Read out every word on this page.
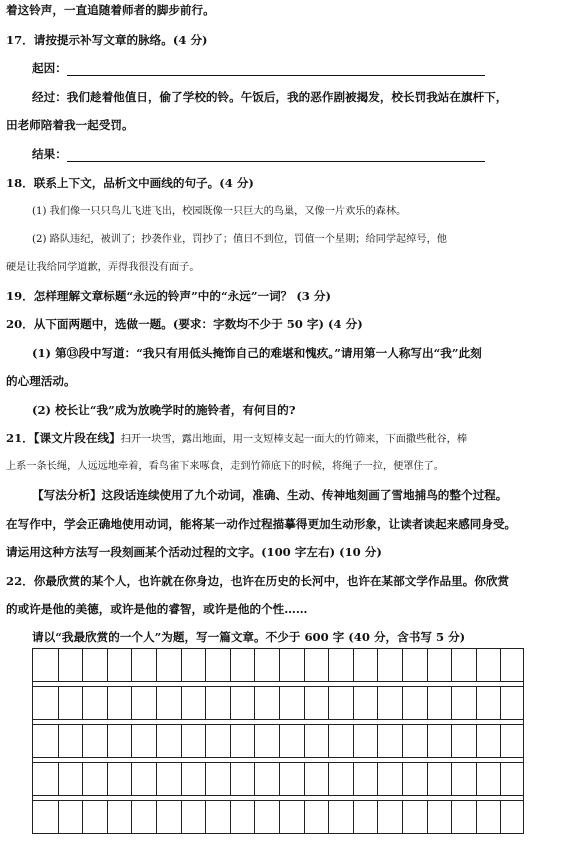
着这铃声，一直追随着师者的脚步前行。
17．请按提示补写文章的脉络。(4 分)
起因：
经过：我们趁着他值日，偷了学校的铃。午饭后，我的恶作剧被揭发，校长罚我站在旗杆下，
田老师陪着我一起受罚。
结果：
18．联系上下文，品析文中画线的句子。(4 分)
(1) 我们像一只只鸟儿飞进飞出，校园既像一只巨大的鸟巢，又像一片欢乐的森林。
(2) 路队违纪，被训了；抄袭作业，罚抄了；值日不到位，罚值一个星期；给同学起绰号，他
硬是让我给同学道歉，弄得我很没有面子。
19．怎样理解文章标题“永远的铃声”中的“永远”一词？ (3 分)
20．从下面两题中，选做一题。(要求：字数均不少于 50 字) (4 分)
(1) 第⑬段中写道：“我只有用低头掩饰自己的难堪和愧疚。”请用第一人称写出“我”此刻
的心理活动。
(2) 校长让“我”成为放晚学时的施铃者，有何目的?
21．【课文片段在线】扫开一块雪，露出地面，用一支短棒支起一面大的竹筛来，下面撒些秕谷，棒
上系一条长绳，人远远地牵着，看鸟雀下来啄食，走到竹筛底下的时候，将绳子一拉，便罩住了。
【写法分析】这段话连续使用了九个动词，准确、生动、传神地刻画了雪地捕鸟的整个过程。
在写作中，学会正确地使用动词，能将某一动作过程描摹得更加生动形象，让读者读起来感同身受。
请运用这种方法写一段刻画某个活动过程的文字。(100 字左右) (10 分)
22．你最欣赏的某个人，也许就在你身边，也许在历史的长河中，也许在某部文学作品里。你欣赏
的或许是他的美德，或许是他的睿智，或许是他的个性……
请以“我最欣赏的一个人”为题，写一篇文章。不少于 600 字 (40 分，含书写 5 分)
